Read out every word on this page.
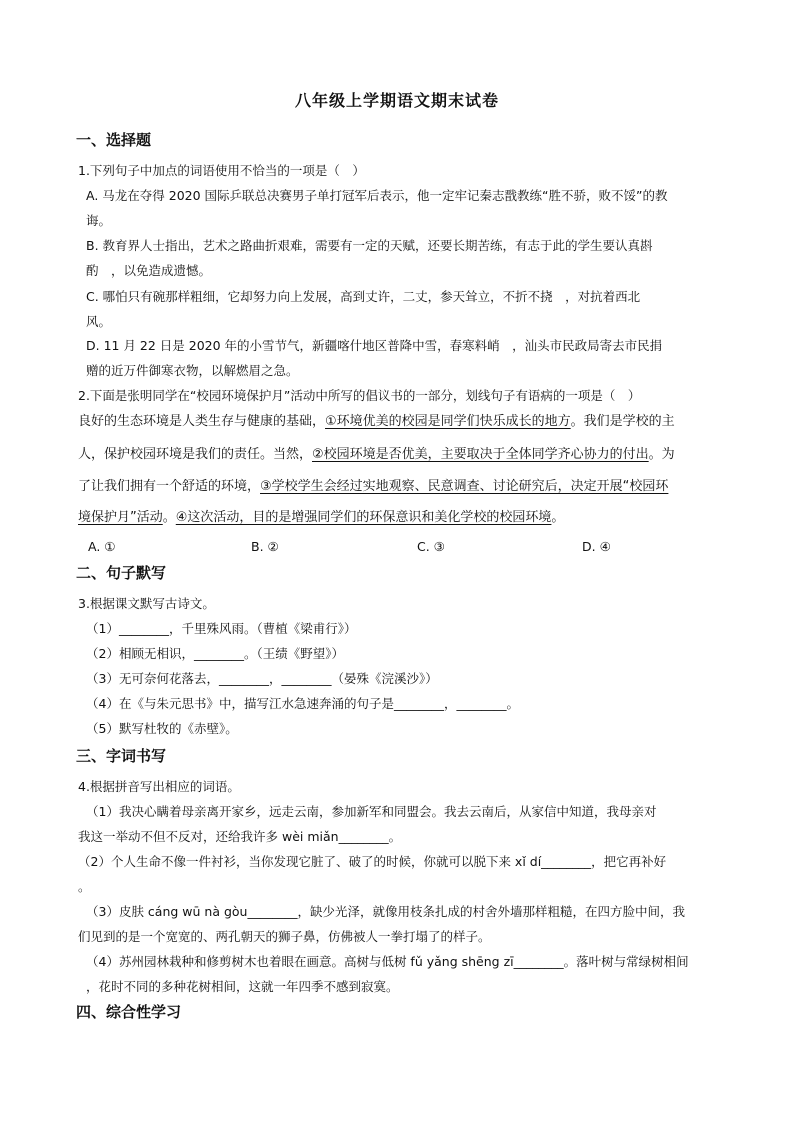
八年级上学期语文期末试卷
一、选择题
1.下列句子中加点的词语使用不恰当的一项是（　）
A. 马龙在夺得 2020 国际乒联总决赛男子单打冠军后表示，他一定牢记秦志戬教练“胜不骄，败不馁”的教
诲。
B. 教育界人士指出，艺术之路曲折艰难，需要有一定的天赋，还要长期苦练，有志于此的学生要认真斟
酌　，以免造成遗憾。
C. 哪怕只有碗那样粗细，它却努力向上发展，高到丈许，二丈，参天耸立，不折不挠　，对抗着西北
风。
D. 11 月 22 日是 2020 年的小雪节气，新疆喀什地区普降中雪，春寒料峭　，汕头市民政局寄去市民捐
赠的近万件御寒衣物，以解燃眉之急。
2.下面是张明同学在“校园环境保护月”活动中所写的倡议书的一部分，划线句子有语病的一项是（　）
良好的生态环境是人类生存与健康的基础，①环境优美的校园是同学们快乐成长的地方。我们是学校的主
人，保护校园环境是我们的责任。当然，②校园环境是否优美，主要取决于全体同学齐心协力的付出。为
了让我们拥有一个舒适的环境，③学校学生会经过实地观察、民意调查、讨论研究后，决定开展“校园环
境保护月”活动。④这次活动，目的是增强同学们的环保意识和美化学校的校园环境。
A. ①	B. ②	C. ③	D. ④
二、句子默写
3.根据课文默写古诗文。
（1）________，千里殊风雨。（曹植《梁甫行》）
（2）相顾无相识，________。（王绩《野望》）
（3）无可奈何花落去，________，________（晏殊《浣溪沙》）
（4）在《与朱元思书》中，描写江水急速奔涌的句子是________，________。
（5）默写杜牧的《赤壁》。
三、字词书写
4.根据拼音写出相应的词语。
（1）我决心瞒着母亲离开家乡，远走云南，参加新军和同盟会。我去云南后，从家信中知道，我母亲对
我这一举动不但不反对，还给我许多 wèi miǎn________。
（2）个人生命不像一件衬衫，当你发现它脏了、破了的时候，你就可以脱下来 xǐ dí________，把它再补好
。
（3）皮肤 cáng wū nà gòu________，缺少光泽，就像用枝条扎成的村舍外墙那样粗糙，在四方脸中间，我
们见到的是一个宽宽的、两孔朝天的狮子鼻，仿佛被人一拳打塌了的样子。
（4）苏州园林栽种和修剪树木也着眼在画意。高树与低树 fǔ yǎng shēng zī________。落叶树与常绿树相间
，花时不同的多种花树相间，这就一年四季不感到寂寞。
四、综合性学习
